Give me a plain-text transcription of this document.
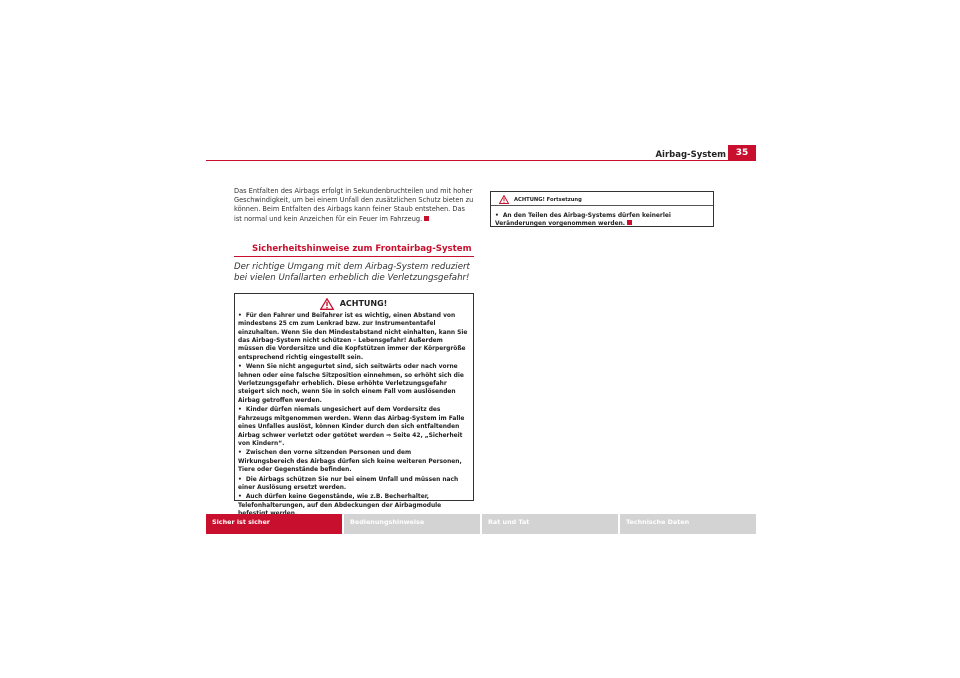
Airbag-System	35

Das Entfalten des Airbags erfolgt in Sekundenbruchteilen und mit hoher Geschwindigkeit, um bei einem Unfall den zusätzlichen Schutz bieten zu können. Beim Entfalten des Airbags kann feiner Staub entstehen. Das ist normal und kein Anzeichen für ein Feuer im Fahrzeug.

Sicherheitshinweise zum Frontairbag-System
Der richtige Umgang mit dem Airbag-System reduziert bei vielen Unfallarten erheblich die Verletzungsgefahr!
ACHTUNG!

• Für den Fahrer und Beifahrer ist es wichtig, einen Abstand von mindestens 25 cm zum Lenkrad bzw. zur Instrumententafel einzuhalten. Wenn Sie den Mindestabstand nicht einhalten, kann Sie das Airbag-System nicht schützen – Lebensgefahr! Außerdem müssen die Vordersitze und die Kopfstützen immer der Körpergröße entsprechend richtig eingestellt sein.

• Wenn Sie nicht angegurtet sind, sich seitwärts oder nach vorne lehnen oder eine falsche Sitzposition einnehmen, so erhöht sich die Verletzungsgefahr erheblich. Diese erhöhte Verletzungsgefahr steigert sich noch, wenn Sie in solch einem Fall vom auslösenden Airbag getroffen werden.

• Kinder dürfen niemals ungesichert auf dem Vordersitz des Fahrzeugs mitgenommen werden. Wenn das Airbag-System im Falle eines Unfalles auslöst, können Kinder durch den sich entfaltenden Airbag schwer verletzt oder getötet werden ⇒ Seite 42, „Sicherheit von Kindern“.

• Zwischen den vorne sitzenden Personen und dem Wirkungsbereich des Airbags dürfen sich keine weiteren Personen, Tiere oder Gegenstände befinden.

• Die Airbags schützen Sie nur bei einem Unfall und müssen nach einer Auslösung ersetzt werden.

• Auch dürfen keine Gegenstände, wie z.B. Becherhalter, Telefonhalterungen, auf den Abdeckungen der Airbagmodule

ACHTUNG! Fortsetzung

• An den Teilen des Airbag-Systems dürfen keinerlei Veränderungen vorgenommen werden.

Sicher ist sicher	Bedienungshinweise	Rat und Tat	Technische Daten
